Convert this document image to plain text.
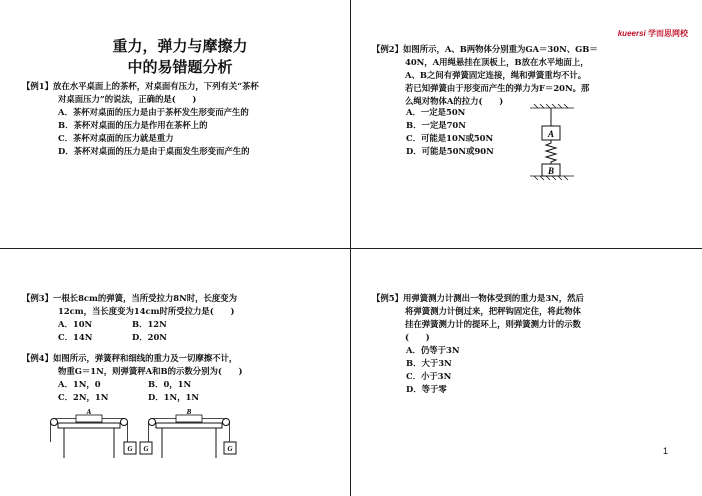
kueersi 学而思网校
重力，弹力与摩擦力
中的易错题分析
【例1】放在水平桌面上的茶杯，对桌面有压力，下列有关“茶杯
对桌面压力”的说法，正确的是(　　)
A．茶杯对桌面的压力是由于茶杯发生形变而产生的
B．茶杯对桌面的压力是作用在茶杯上的
C．茶杯对桌面的压力就是重力
D．茶杯对桌面的压力是由于桌面发生形变而产生的
【例2】如图所示，A、B两物体分别重为GA＝30N、GB＝
40N，A用绳悬挂在顶板上，B放在水平地面上，
A、B之间有弹簧固定连接，绳和弹簧重均不计。
若已知弹簧由于形变而产生的弹力为F＝20N。那
么绳对物体A的拉力(　　)
A．一定是50N
B．一定是70N
C．可能是10N或50N
D．可能是50N或90N
A
B
【例3】一根长8cm的弹簧，当所受拉力8N时，长度变为
12cm，当长度变为14cm时所受拉力是(　　)
A．10N	B．12N
C．14N	D．20N
【例4】如图所示，弹簧秤和细线的重力及一切摩擦不计，
物重G＝1N，则弹簧秤A和B的示数分别为(　　)
A．1N，0	B．0，1N
C．2N，1N	D．1N，1N
A
G G
B
G
【例5】用弹簧测力计测出一物体受到的重力是3N，然后
将弹簧测力计倒过来，把秤钩固定住，将此物体
挂在弹簧测力计的提环上，则弹簧测力计的示数
(　　)
A．仍等于3N
B．大于3N
C．小于3N
D．等于零
1
